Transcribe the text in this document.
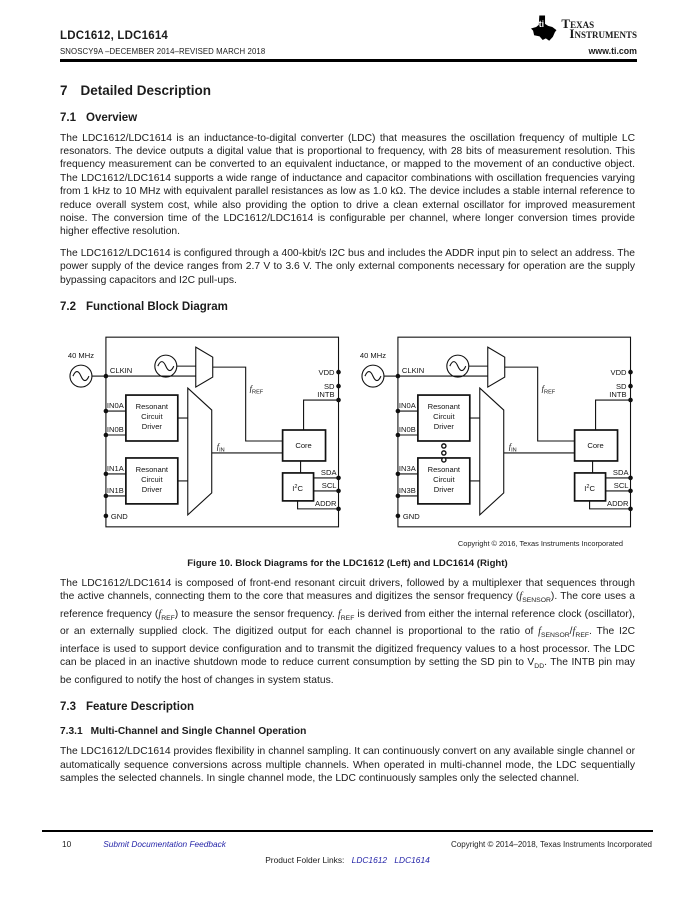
LDC1612, LDC1614
SNOSCY9A –DECEMBER 2014–REVISED MARCH 2018
ti Texas
Instruments
www.ti.com
7 Detailed Description
7.1 Overview

The LDC1612/LDC1614 is an inductance-to-digital converter (LDC) that measures the oscillation frequency of multiple LC resonators. The device outputs a digital value that is proportional to frequency, with 28 bits of measurement resolution. This frequency measurement can be converted to an equivalent inductance, or mapped to the movement of an conductive object. The LDC1612/LDC1614 supports a wide range of inductance and capacitor combinations with oscillation frequencies varying from 1 kHz to 10 MHz with equivalent parallel resistances as low as 1.0 kΩ. The device includes a stable internal reference to reduce overall system cost, while also providing the option to drive a clean external oscillator for improved measurement noise. The conversion time of the LDC1612/LDC1614 is configurable per channel, where longer conversion times provide higher effective resolution.

The LDC1612/LDC1614 is configured through a 400-kbit/s I2C bus and includes the ADDR input pin to select an address. The power supply of the device ranges from 2.7 V to 3.6 V. The only external components necessary for operation are the supply bypassing capacitors and I2C pull-ups.

7.2 Functional Block Diagram
40 MHz
CLKIN
IN0A
IN0B
IN1A
IN1B
GND
VDD
SD
INTB
SDA
SCL
ADDR
$f_{REF}$
$f_{IN}$
Resonant
Circuit
Driver
Resonant
Circuit
Driver
Core
$I^2C$
40 MHz
CLKIN
IN0A
IN0B
IN3A
IN3B
GND
VDD
SD
INTB
SDA
SCL
ADDR
$f_{REF}$
$f_{IN}$
Resonant
Circuit
Driver
Resonant
Circuit
Driver
Core
$I^2C$
Copyright © 2016, Texas Instruments Incorporated
Figure 10. Block Diagrams for the LDC1612 (Left) and LDC1614 (Right)

The LDC1612/LDC1614 is composed of front-end resonant circuit drivers, followed by a multiplexer that sequences through the active channels, connecting them to the core that measures and digitizes the sensor frequency $(f_{SENSOR})$. The core uses a reference frequency $(f_{REF})$ to measure the sensor frequency. $f_{REF}$ is derived from either the internal reference clock (oscillator), or an externally supplied clock. The digitized output for each channel is proportional to the ratio of $f_{SENSOR}/f_{REF}$. The I2C interface is used to support device configuration and to transmit the digitized frequency values to a host processor. The LDC can be placed in an inactive shutdown mode to reduce current consumption by setting the SD pin to $V_{DD}$. The INTB pin may be configured to notify the host of changes in system status.

7.3 Feature Description
7.3.1 Multi-Channel and Single Channel Operation

The LDC1612/LDC1614 provides flexibility in channel sampling. It can continuously convert on any available single channel or automatically sequence conversions across multiple channels. When operated in multi-channel mode, the LDC sequentially samples the selected channels. In single channel mode, the LDC continuously samples only the selected channel.

10	Submit Documentation Feedback	Copyright © 2014–2018, Texas Instruments Incorporated
Product Folder Links: LDC1612 LDC1614
